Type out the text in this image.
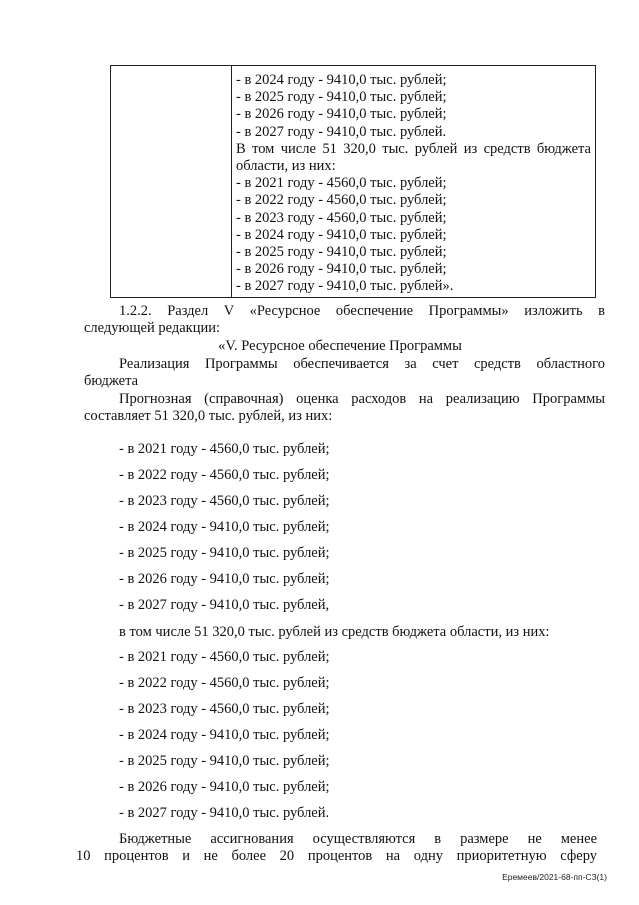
- в 2024 году - 9410,0 тыс. рублей;
- в 2025 году - 9410,0 тыс. рублей;
- в 2026 году - 9410,0 тыс. рублей;
- в 2027 году - 9410,0 тыс. рублей.
В том числе 51 320,0 тыс. рублей из средств бюджета
области, из них:
- в 2021 году - 4560,0 тыс. рублей;
- в 2022 году - 4560,0 тыс. рублей;
- в 2023 году - 4560,0 тыс. рублей;
- в 2024 году - 9410,0 тыс. рублей;
- в 2025 году - 9410,0 тыс. рублей;
- в 2026 году - 9410,0 тыс. рублей;
- в 2027 году - 9410,0 тыс. рублей».
1.2.2. Раздел V «Ресурсное обеспечение Программы» изложить в
следующей редакции:
«V. Ресурсное обеспечение Программы
Реализация Программы обеспечивается за счет средств областного
бюджета
Прогнозная (справочная) оценка расходов на реализацию Программы
составляет 51 320,0 тыс. рублей, из них:
- в 2021 году - 4560,0 тыс. рублей;
- в 2022 году - 4560,0 тыс. рублей;
- в 2023 году - 4560,0 тыс. рублей;
- в 2024 году - 9410,0 тыс. рублей;
- в 2025 году - 9410,0 тыс. рублей;
- в 2026 году - 9410,0 тыс. рублей;
- в 2027 году - 9410,0 тыс. рублей,
в том числе 51 320,0 тыс. рублей из средств бюджета области, из них:
- в 2021 году - 4560,0 тыс. рублей;
- в 2022 году - 4560,0 тыс. рублей;
- в 2023 году - 4560,0 тыс. рублей;
- в 2024 году - 9410,0 тыс. рублей;
- в 2025 году - 9410,0 тыс. рублей;
- в 2026 году - 9410,0 тыс. рублей;
- в 2027 году - 9410,0 тыс. рублей.
Бюджетные ассигнования осуществляются в размере не менее
10 процентов и не более 20 процентов на одну приоритетную сферу
Еремеев/2021-68-пп-СЗ(1)
